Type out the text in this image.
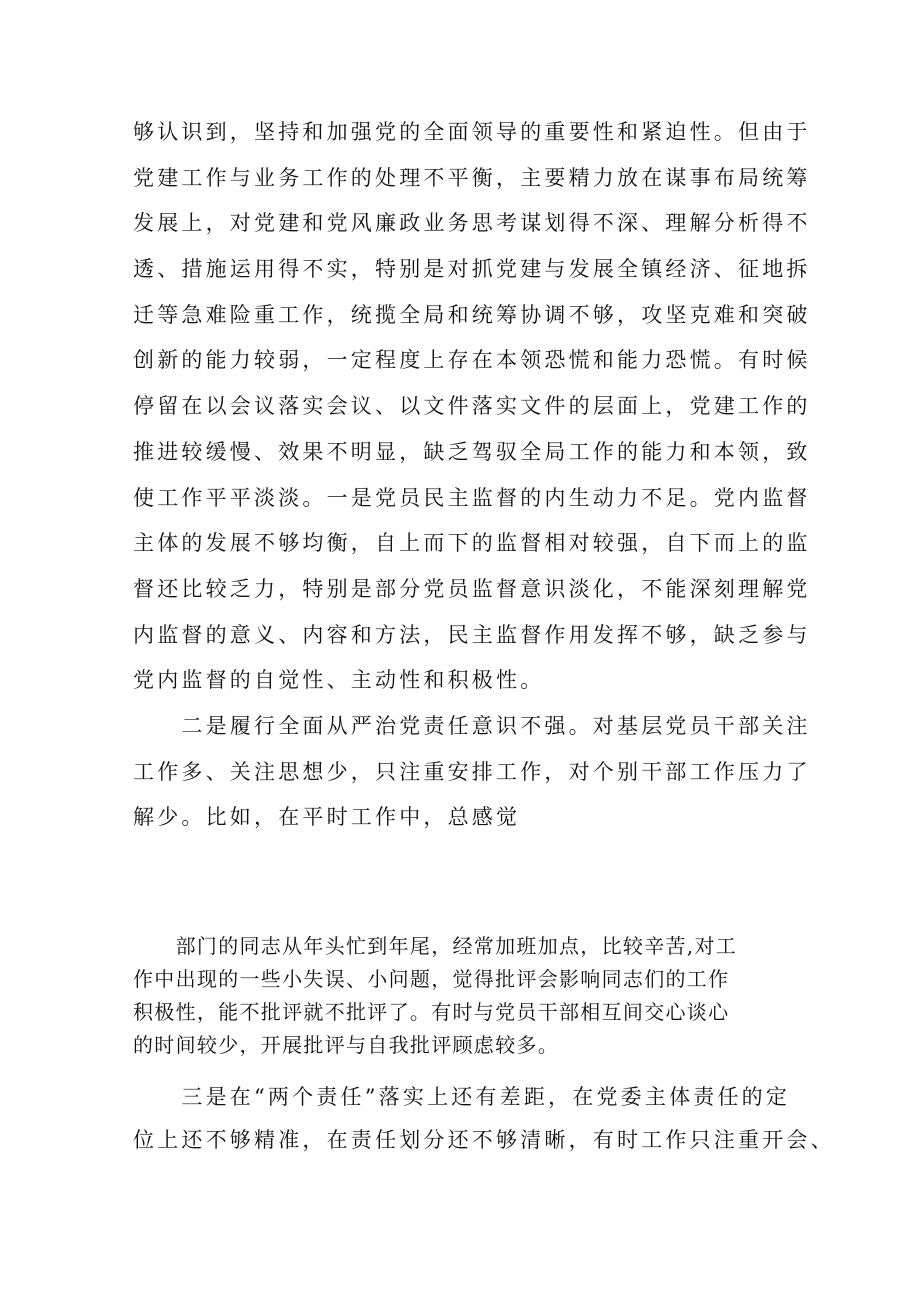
够认识到，坚持和加强党的全面领导的重要性和紧迫性。但由于
党建工作与业务工作的处理不平衡，主要精力放在谋事布局统筹
发展上，对党建和党风廉政业务思考谋划得不深、理解分析得不
透、措施运用得不实，特别是对抓党建与发展全镇经济、征地拆
迁等急难险重工作，统揽全局和统筹协调不够，攻坚克难和突破
创新的能力较弱，一定程度上存在本领恐慌和能力恐慌。有时候
停留在以会议落实会议、以文件落实文件的层面上，党建工作的
推进较缓慢、效果不明显，缺乏驾驭全局工作的能力和本领，致
使工作平平淡淡。一是党员民主监督的内生动力不足。党内监督
主体的发展不够均衡，自上而下的监督相对较强，自下而上的监
督还比较乏力，特别是部分党员监督意识淡化，不能深刻理解党
内监督的意义、内容和方法，民主监督作用发挥不够，缺乏参与
党内监督的自觉性、主动性和积极性。
　　二是履行全面从严治党责任意识不强。对基层党员干部关注
工作多、关注思想少，只注重安排工作，对个别干部工作压力了
解少。比如，在平时工作中，总感觉
　　部门的同志从年头忙到年尾，经常加班加点，比较辛苦,对工
作中出现的一些小失误、小问题，觉得批评会影响同志们的工作
积极性，能不批评就不批评了。有时与党员干部相互间交心谈心
的时间较少，开展批评与自我批评顾虑较多。
　　三是在“两个责任”落实上还有差距，在党委主体责任的定
位上还不够精准，在责任划分还不够清晰，有时工作只注重开会、
